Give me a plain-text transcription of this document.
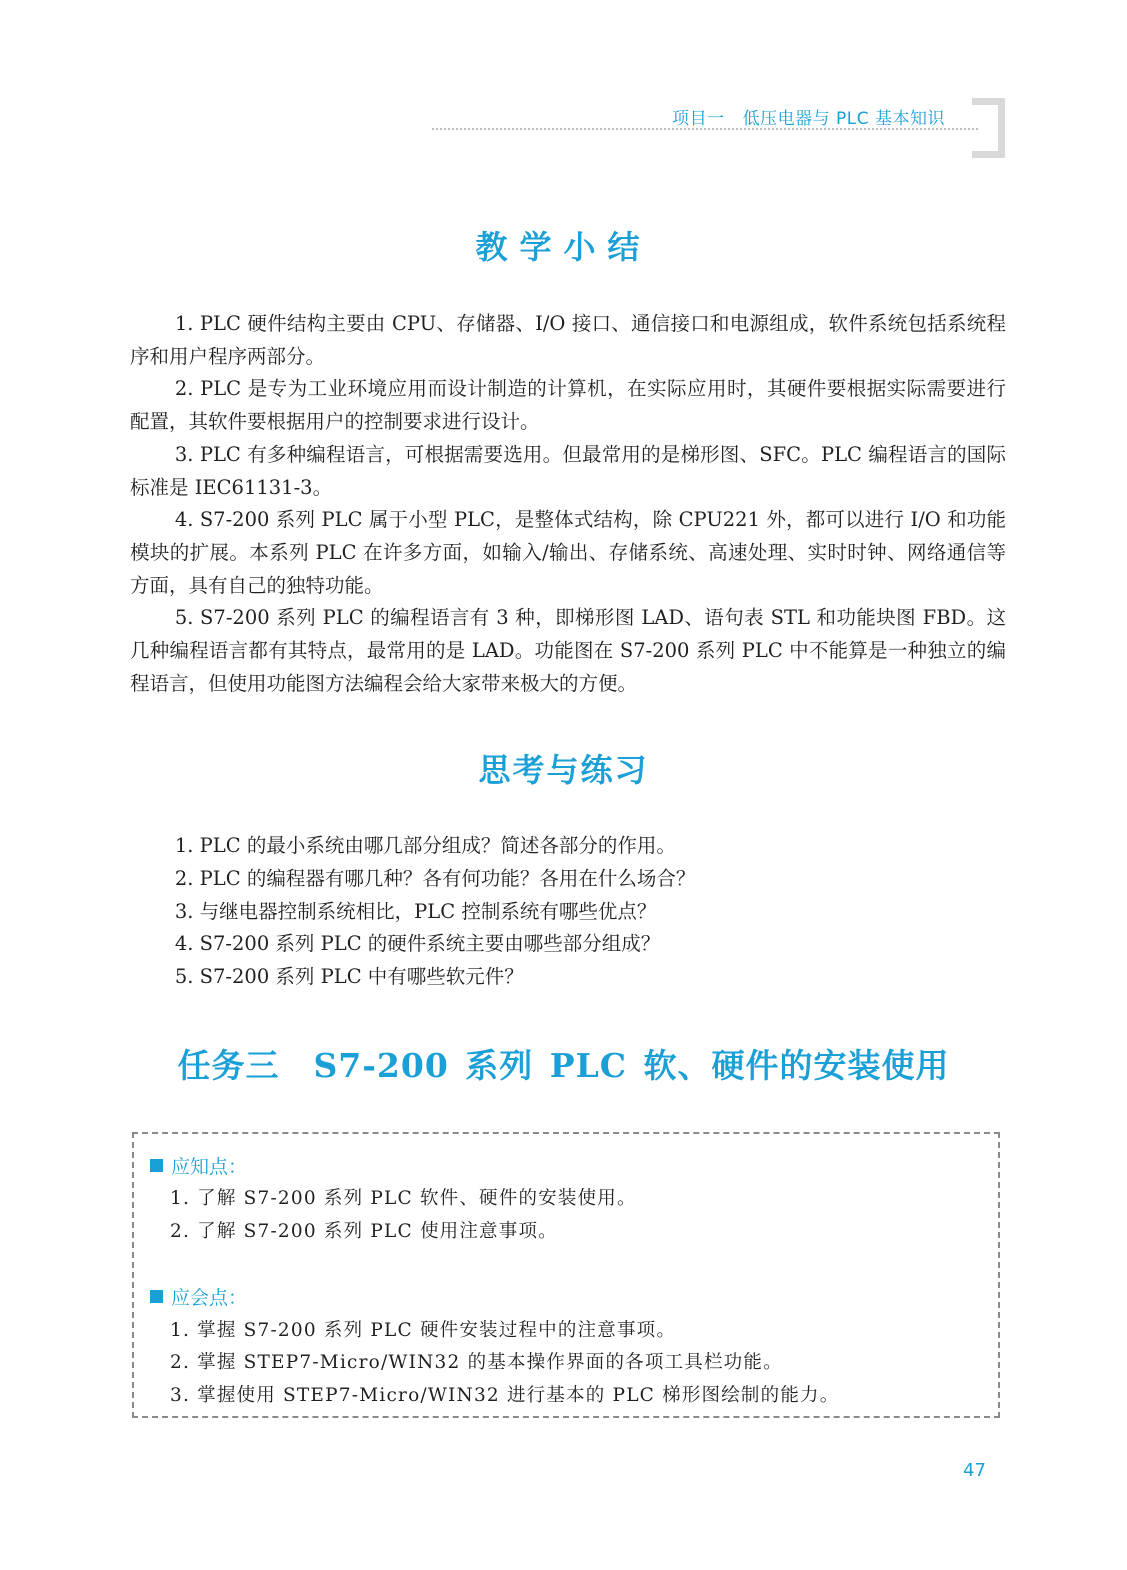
项目一 低压电器与 PLC 基本知识
教学小结

1. PLC 硬件结构主要由 CPU、存储器、I/O 接口、通信接口和电源组成，软件系统包括系统程序和用户程序两部分。

2. PLC 是专为工业环境应用而设计制造的计算机，在实际应用时，其硬件要根据实际需要进行配置，其软件要根据用户的控制要求进行设计。

3. PLC 有多种编程语言，可根据需要选用。但最常用的是梯形图、SFC。PLC 编程语言的国际标准是 IEC61131-3。

4. S7-200 系列 PLC 属于小型 PLC，是整体式结构，除 CPU221 外，都可以进行 I/O 和功能模块的扩展。本系列 PLC 在许多方面，如输入/输出、存储系统、高速处理、实时时钟、网络通信等方面，具有自己的独特功能。

5. S7-200 系列 PLC 的编程语言有 3 种，即梯形图 LAD、语句表 STL 和功能块图 FBD。这几种编程语言都有其特点，最常用的是 LAD。功能图在 S7-200 系列 PLC 中不能算是一种独立的编程语言，但使用功能图方法编程会给大家带来极大的方便。

思考与练习

1. PLC 的最小系统由哪几部分组成？简述各部分的作用。

2. PLC 的编程器有哪几种？各有何功能？各用在什么场合？

3. 与继电器控制系统相比，PLC 控制系统有哪些优点？

4. S7-200 系列 PLC 的硬件系统主要由哪些部分组成？

5. S7-200 系列 PLC 中有哪些软元件？

任务三　S7-200 系列 PLC 软、硬件的安装使用
应知点：
1. 了解 S7-200 系列 PLC 软件、硬件的安装使用。
2. 了解 S7-200 系列 PLC 使用注意事项。
应会点：
1. 掌握 S7-200 系列 PLC 硬件安装过程中的注意事项。
2. 掌握 STEP7-Micro/WIN32 的基本操作界面的各项工具栏功能。
3. 掌握使用 STEP7-Micro/WIN32 进行基本的 PLC 梯形图绘制的能力。
47
